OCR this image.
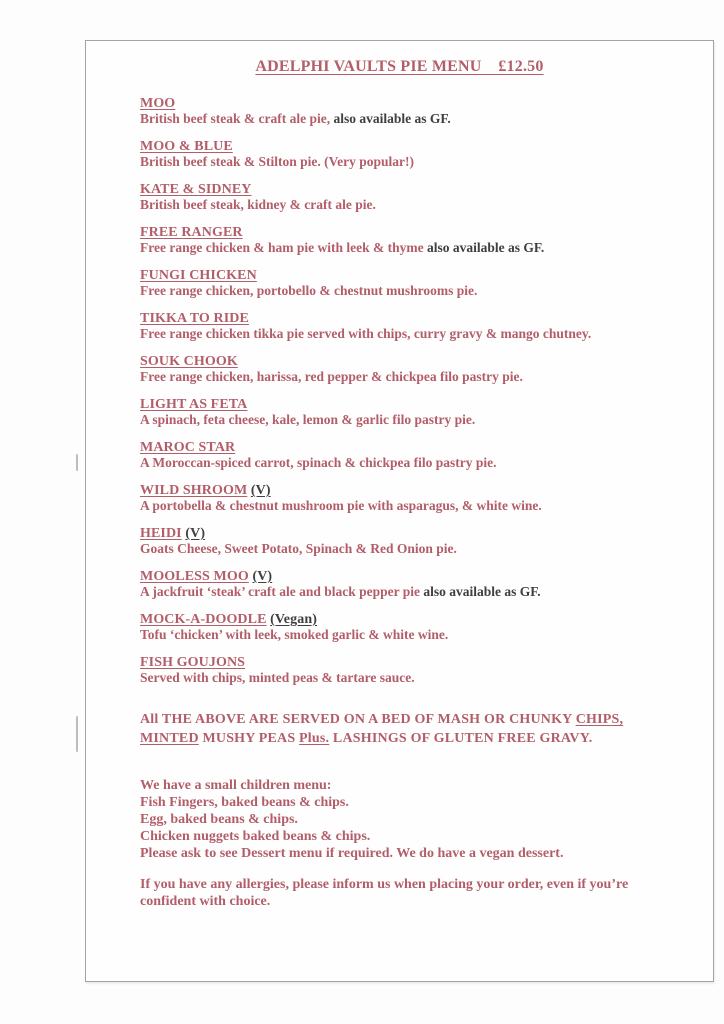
ADELPHI VAULTS PIE MENU    £12.50
MOO
British beef steak & craft ale pie, also available as GF.
MOO & BLUE
British beef steak & Stilton pie. (Very popular!)
KATE & SIDNEY
British beef steak, kidney & craft ale pie.
FREE RANGER
Free range chicken & ham pie with leek & thyme also available as GF.
FUNGI CHICKEN
Free range chicken, portobello & chestnut mushrooms pie.
TIKKA TO RIDE
Free range chicken tikka pie served with chips, curry gravy & mango chutney.
SOUK CHOOK
Free range chicken, harissa, red pepper & chickpea filo pastry pie.
LIGHT AS FETA
A spinach, feta cheese, kale, lemon & garlic filo pastry pie.
MAROC STAR
A Moroccan-spiced carrot, spinach & chickpea filo pastry pie.
WILD SHROOM (V)
A portobella & chestnut mushroom pie with asparagus, & white wine.
HEIDI (V)
Goats Cheese, Sweet Potato, Spinach & Red Onion pie.
MOOLESS MOO (V)
A jackfruit ‘steak’ craft ale and black pepper pie also available as GF.
MOCK-A-DOODLE (Vegan)
Tofu ‘chicken’ with leek, smoked garlic & white wine.
FISH GOUJONS
Served with chips, minted peas & tartare sauce.
All THE ABOVE ARE SERVED ON A BED OF MASH OR CHUNKY CHIPS,
MINTED MUSHY PEAS Plus. LASHINGS OF GLUTEN FREE GRAVY.
We have a small children menu:
Fish Fingers, baked beans & chips.
Egg, baked beans & chips.
Chicken nuggets baked beans & chips.
Please ask to see Dessert menu if required. We do have a vegan dessert.
If you have any allergies, please inform us when placing your order, even if you’re
confident with choice.
